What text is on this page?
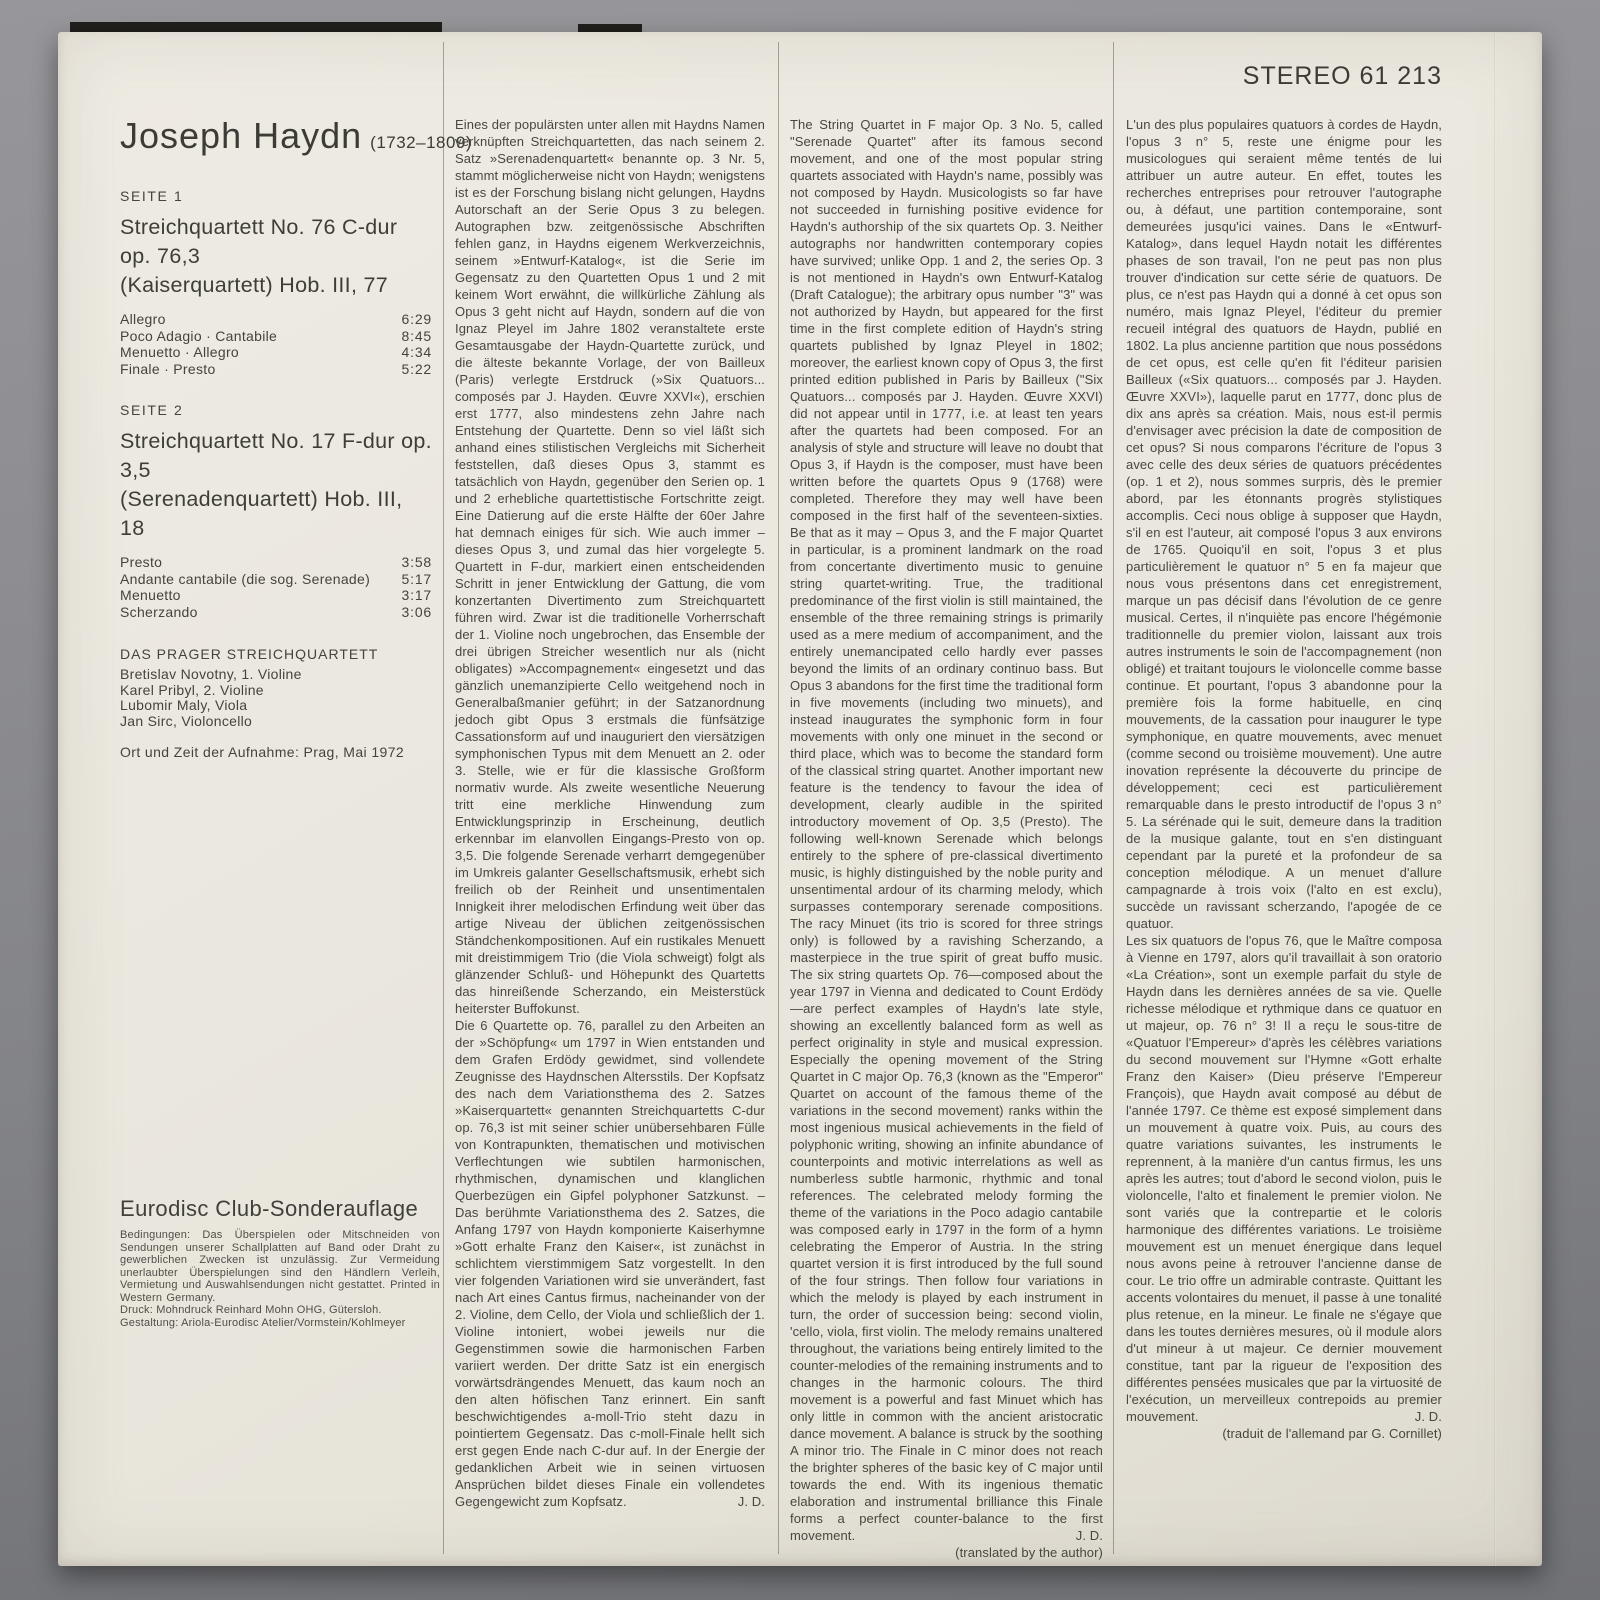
STEREO 61 213
Joseph Haydn (1732–1809)
SEITE 1
Streichquartett No. 76 C-dur op. 76,3
(Kaiserquartett) Hob. III, 77
Allegro	6:29
Poco Adagio · Cantabile	8:45
Menuetto · Allegro	4:34
Finale · Presto	5:22
SEITE 2
Streichquartett No. 17 F-dur op. 3,5
(Serenadenquartett) Hob. III, 18
Presto	3:58
Andante cantabile (die sog. Serenade) 5:17
Menuetto	3:17
Scherzando	3:06
DAS PRAGER STREICHQUARTETT
Bretislav Novotny, 1. Violine
Karel Pribyl, 2. Violine
Lubomir Maly, Viola
Jan Sirc, Violoncello
Ort und Zeit der Aufnahme: Prag, Mai 1972
Eurodisc Club-Sonderauflage
Bedingungen: Das Überspielen oder Mitschneiden von Sendungen unserer Schallplatten auf Band oder Draht zu gewerblichen Zwecken ist unzulässig. Zur Vermeidung unerlaubter Überspielungen sind den Händlern Verleih, Vermietung und Auswahlsendungen nicht gestattet. Printed in Western Germany.
Druck: Mohndruck Reinhard Mohn OHG, Gütersloh.
Gestaltung: Ariola-Eurodisc Atelier/Vormstein/Kohlmeyer

Eines der populärsten unter allen mit Haydns Namen verknüpften Streichquartetten, das nach seinem 2. Satz »Serenadenquartett« benannte op. 3 Nr. 5, stammt möglicherweise nicht von Haydn; wenigstens ist es der Forschung bislang nicht gelungen, Haydns Autorschaft an der Serie Opus 3 zu belegen. Autographen bzw. zeitgenössische Abschriften fehlen ganz, in Haydns eigenem Werkverzeichnis, seinem »Entwurf-Katalog«, ist die Serie im Gegensatz zu den Quartetten Opus 1 und 2 mit keinem Wort erwähnt, die willkürliche Zählung als Opus 3 geht nicht auf Haydn, sondern auf die von Ignaz Pleyel im Jahre 1802 veranstaltete erste Gesamtausgabe der Haydn-Quartette zurück, und die älteste bekannte Vorlage, der von Bailleux (Paris) verlegte Erstdruck (»Six Quatuors... composés par J. Hayden. Œuvre XXVI«), erschien erst 1777, also mindestens zehn Jahre nach Entstehung der Quartette. Denn so viel läßt sich anhand eines stilistischen Vergleichs mit Sicherheit feststellen, daß dieses Opus 3, stammt es tatsächlich von Haydn, gegenüber den Serien op. 1 und 2 erhebliche quartettistische Fortschritte zeigt. Eine Datierung auf die erste Hälfte der 60er Jahre hat demnach einiges für sich. Wie auch immer – dieses Opus 3, und zumal das hier vorgelegte 5. Quartett in F-dur, markiert einen entscheidenden Schritt in jener Entwicklung der Gattung, die vom konzertanten Divertimento zum Streichquartett führen wird. Zwar ist die traditionelle Vorherrschaft der 1. Violine noch ungebrochen, das Ensemble der drei übrigen Streicher wesentlich nur als (nicht obligates) »Accompagnement« eingesetzt und das gänzlich unemanzipierte Cello weitgehend noch in Generalbaßmanier geführt; in der Satzanordnung jedoch gibt Opus 3 erstmals die fünfsätzige Cassationsform auf und inauguriert den viersätzigen symphonischen Typus mit dem Menuett an 2. oder 3. Stelle, wie er für die klassische Großform normativ wurde. Als zweite wesentliche Neuerung tritt eine merkliche Hinwendung zum Entwicklungsprinzip in Erscheinung, deutlich erkennbar im elanvollen Eingangs-Presto von op. 3,5. Die folgende Serenade verharrt demgegenüber im Umkreis galanter Gesellschaftsmusik, erhebt sich freilich ob der Reinheit und unsentimentalen Innigkeit ihrer melodischen Erfindung weit über das artige Niveau der üblichen zeitgenössischen Ständchenkompositionen. Auf ein rustikales Menuett mit dreistimmigem Trio (die Viola schweigt) folgt als glänzender Schluß- und Höhepunkt des Quartetts das hinreißende Scherzando, ein Meisterstück heiterster Buffokunst.

Die 6 Quartette op. 76, parallel zu den Arbeiten an der »Schöpfung« um 1797 in Wien entstanden und dem Grafen Erdödy gewidmet, sind vollendete Zeugnisse des Haydnschen Altersstils. Der Kopfsatz des nach dem Variationsthema des 2. Satzes »Kaiserquartett« genannten Streichquartetts C-dur op. 76,3 ist mit seiner schier unübersehbaren Fülle von Kontrapunkten, thematischen und motivischen Verflechtungen wie subtilen harmonischen, rhythmischen, dynamischen und klanglichen Querbezügen ein Gipfel polyphoner Satzkunst. – Das berühmte Variationsthema des 2. Satzes, die Anfang 1797 von Haydn komponierte Kaiserhymne »Gott erhalte Franz den Kaiser«, ist zunächst in schlichtem vierstimmigem Satz vorgestellt. In den vier folgenden Variationen wird sie unverändert, fast nach Art eines Cantus firmus, nacheinander von der 2. Violine, dem Cello, der Viola und schließlich der 1. Violine intoniert, wobei jeweils nur die Gegenstimmen sowie die harmonischen Farben variiert werden. Der dritte Satz ist ein energisch vorwärtsdrängendes Menuett, das kaum noch an den alten höfischen Tanz erinnert. Ein sanft beschwichtigendes a-moll-Trio steht dazu in pointiertem Gegensatz. Das c-moll-Finale hellt sich erst gegen Ende nach C-dur auf. In der Energie der gedanklichen Arbeit wie in seinen virtuosen Ansprüchen bildet dieses Finale ein vollendetes Gegengewicht zum Kopfsatz.	J. D.

The String Quartet in F major Op. 3 No. 5, called "Serenade Quartet" after its famous second movement, and one of the most popular string quartets associated with Haydn's name, possibly was not composed by Haydn. Musicologists so far have not succeeded in furnishing positive evidence for Haydn's authorship of the six quartets Op. 3. Neither autographs nor handwritten contemporary copies have survived; unlike Opp. 1 and 2, the series Op. 3 is not mentioned in Haydn's own Entwurf-Katalog (Draft Catalogue); the arbitrary opus number "3" was not authorized by Haydn, but appeared for the first time in the first complete edition of Haydn's string quartets published by Ignaz Pleyel in 1802; moreover, the earliest known copy of Opus 3, the first printed edition published in Paris by Bailleux ("Six Quatuors... composés par J. Hayden. Œuvre XXVI) did not appear until in 1777, i.e. at least ten years after the quartets had been composed. For an analysis of style and structure will leave no doubt that Opus 3, if Haydn is the composer, must have been written before the quartets Opus 9 (1768) were completed. Therefore they may well have been composed in the first half of the seventeen-sixties. Be that as it may – Opus 3, and the F major Quartet in particular, is a prominent landmark on the road from concertante divertimento music to genuine string quartet-writing. True, the traditional predominance of the first violin is still maintained, the ensemble of the three remaining strings is primarily used as a mere medium of accompaniment, and the entirely unemancipated cello hardly ever passes beyond the limits of an ordinary continuo bass. But Opus 3 abandons for the first time the traditional form in five movements (including two minuets), and instead inaugurates the symphonic form in four movements with only one minuet in the second or third place, which was to become the standard form of the classical string quartet. Another important new feature is the tendency to favour the idea of development, clearly audible in the spirited introductory movement of Op. 3,5 (Presto). The following well-known Serenade which belongs entirely to the sphere of pre-classical divertimento music, is highly distinguished by the noble purity and unsentimental ardour of its charming melody, which surpasses contemporary serenade compositions. The racy Minuet (its trio is scored for three strings only) is followed by a ravishing Scherzando, a masterpiece in the true spirit of great buffo music. The six string quartets Op. 76—composed about the year 1797 in Vienna and dedicated to Count Erdödy—are perfect examples of Haydn's late style, showing an excellently balanced form as well as perfect originality in style and musical expression. Especially the opening movement of the String Quartet in C major Op. 76,3 (known as the "Emperor" Quartet on account of the famous theme of the variations in the second movement) ranks within the most ingenious musical achievements in the field of polyphonic writing, showing an infinite abundance of counterpoints and motivic interrelations as well as numberless subtle harmonic, rhythmic and tonal references. The celebrated melody forming the theme of the variations in the Poco adagio cantabile was composed early in 1797 in the form of a hymn celebrating the Emperor of Austria. In the string quartet version it is first introduced by the full sound of the four strings. Then follow four variations in which the melody is played by each instrument in turn, the order of succession being: second violin, 'cello, viola, first violin. The melody remains unaltered throughout, the variations being entirely limited to the counter-melodies of the remaining instruments and to changes in the harmonic colours. The third movement is a powerful and fast Minuet which has only little in common with the ancient aristocratic dance movement. A balance is struck by the soothing A minor trio. The Finale in C minor does not reach the brighter spheres of the basic key of C major until towards the end. With its ingenious thematic elaboration and instrumental brilliance this Finale forms a perfect counter-balance to the first movement.	J. D.
(translated by the author)

L'un des plus populaires quatuors à cordes de Haydn, l'opus 3 n° 5, reste une énigme pour les musicologues qui seraient même tentés de lui attribuer un autre auteur. En effet, toutes les recherches entreprises pour retrouver l'autographe ou, à défaut, une partition contemporaine, sont demeurées jusqu'ici vaines. Dans le «Entwurf-Katalog», dans lequel Haydn notait les différentes phases de son travail, l'on ne peut pas non plus trouver d'indication sur cette série de quatuors. De plus, ce n'est pas Haydn qui a donné à cet opus son numéro, mais Ignaz Pleyel, l'éditeur du premier recueil intégral des quatuors de Haydn, publié en 1802. La plus ancienne partition que nous possédons de cet opus, est celle qu'en fit l'éditeur parisien Bailleux («Six quatuors... composés par J. Hayden. Œuvre XXVI»), laquelle parut en 1777, donc plus de dix ans après sa création. Mais, nous est-il permis d'envisager avec précision la date de composition de cet opus? Si nous comparons l'écriture de l'opus 3 avec celle des deux séries de quatuors précédentes (op. 1 et 2), nous sommes surpris, dès le premier abord, par les étonnants progrès stylistiques accomplis. Ceci nous oblige à supposer que Haydn, s'il en est l'auteur, ait composé l'opus 3 aux environs de 1765. Quoiqu'il en soit, l'opus 3 et plus particulièrement le quatuor n° 5 en fa majeur que nous vous présentons dans cet enregistrement, marque un pas décisif dans l'évolution de ce genre musical. Certes, il n'inquiète pas encore l'hégémonie traditionnelle du premier violon, laissant aux trois autres instruments le soin de l'accompagnement (non obligé) et traitant toujours le violoncelle comme basse continue. Et pourtant, l'opus 3 abandonne pour la première fois la forme habituelle, en cinq mouvements, de la cassation pour inaugurer le type symphonique, en quatre mouvements, avec menuet (comme second ou troisième mouvement). Une autre inovation représente la découverte du principe de développement; ceci est particulièrement remarquable dans le presto introductif de l'opus 3 n° 5. La sérénade qui le suit, demeure dans la tradition de la musique galante, tout en s'en distinguant cependant par la pureté et la profondeur de sa conception mélodique. A un menuet d'allure campagnarde à trois voix (l'alto en est exclu), succède un ravissant scherzando, l'apogée de ce quatuor.

Les six quatuors de l'opus 76, que le Maître composa à Vienne en 1797, alors qu'il travaillait à son oratorio «La Création», sont un exemple parfait du style de Haydn dans les dernières années de sa vie. Quelle richesse mélodique et rythmique dans ce quatuor en ut majeur, op. 76 n° 3! Il a reçu le sous-titre de «Quatuor l'Empereur» d'après les célèbres variations du second mouvement sur l'Hymne «Gott erhalte Franz den Kaiser» (Dieu préserve l'Empereur François), que Haydn avait composé au début de l'année 1797. Ce thème est exposé simplement dans un mouvement à quatre voix. Puis, au cours des quatre variations suivantes, les instruments le reprennent, à la manière d'un cantus firmus, les uns après les autres; tout d'abord le second violon, puis le violoncelle, l'alto et finalement le premier violon. Ne sont variés que la contrepartie et le coloris harmonique des différentes variations. Le troisième mouvement est un menuet énergique dans lequel nous avons peine à retrouver l'ancienne danse de cour. Le trio offre un admirable contraste. Quittant les accents volontaires du menuet, il passe à une tonalité plus retenue, en la mineur. Le finale ne s'égaye que dans les toutes dernières mesures, où il module alors d'ut mineur à ut majeur. Ce dernier mouvement constitue, tant par la rigueur de l'exposition des différentes pensées musicales que par la virtuosité de l'exécution, un merveilleux contrepoids au premier mouvement.	J. D.
(traduit de l'allemand par G. Cornillet)
